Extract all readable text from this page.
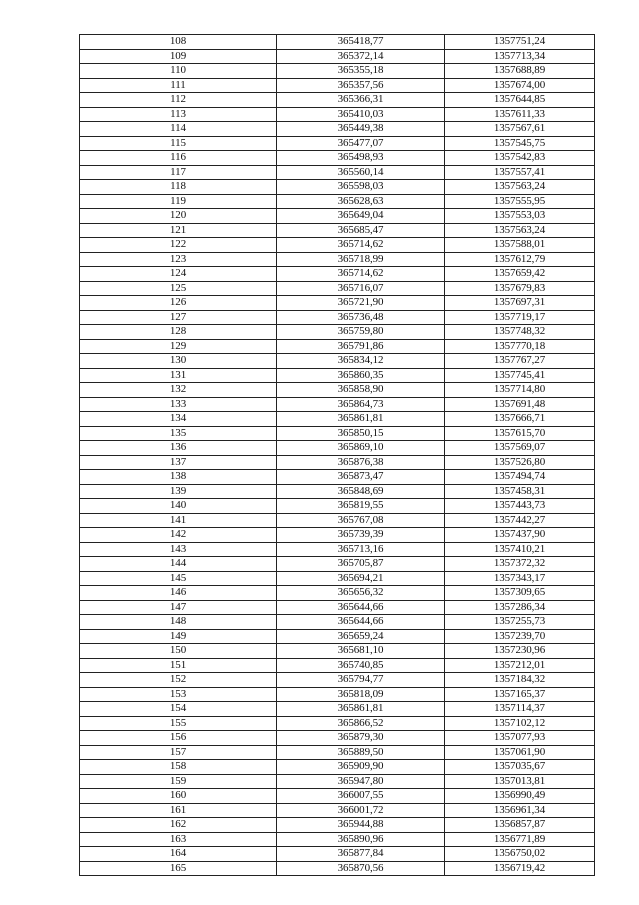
108	365418,77	1357751,24
109	365372,14	1357713,34
110	365355,18	1357688,89
111	365357,56	1357674,00
112	365366,31	1357644,85
113	365410,03	1357611,33
114	365449,38	1357567,61
115	365477,07	1357545,75
116	365498,93	1357542,83
117	365560,14	1357557,41
118	365598,03	1357563,24
119	365628,63	1357555,95
120	365649,04	1357553,03
121	365685,47	1357563,24
122	365714,62	1357588,01
123	365718,99	1357612,79
124	365714,62	1357659,42
125	365716,07	1357679,83
126	365721,90	1357697,31
127	365736,48	1357719,17
128	365759,80	1357748,32
129	365791,86	1357770,18
130	365834,12	1357767,27
131	365860,35	1357745,41
132	365858,90	1357714,80
133	365864,73	1357691,48
134	365861,81	1357666,71
135	365850,15	1357615,70
136	365869,10	1357569,07
137	365876,38	1357526,80
138	365873,47	1357494,74
139	365848,69	1357458,31
140	365819,55	1357443,73
141	365767,08	1357442,27
142	365739,39	1357437,90
143	365713,16	1357410,21
144	365705,87	1357372,32
145	365694,21	1357343,17
146	365656,32	1357309,65
147	365644,66	1357286,34
148	365644,66	1357255,73
149	365659,24	1357239,70
150	365681,10	1357230,96
151	365740,85	1357212,01
152	365794,77	1357184,32
153	365818,09	1357165,37
154	365861,81	1357114,37
155	365866,52	1357102,12
156	365879,30	1357077,93
157	365889,50	1357061,90
158	365909,90	1357035,67
159	365947,80	1357013,81
160	366007,55	1356990,49
161	366001,72	1356961,34
162	365944,88	1356857,87
163	365890,96	1356771,89
164	365877,84	1356750,02
165	365870,56	1356719,42
